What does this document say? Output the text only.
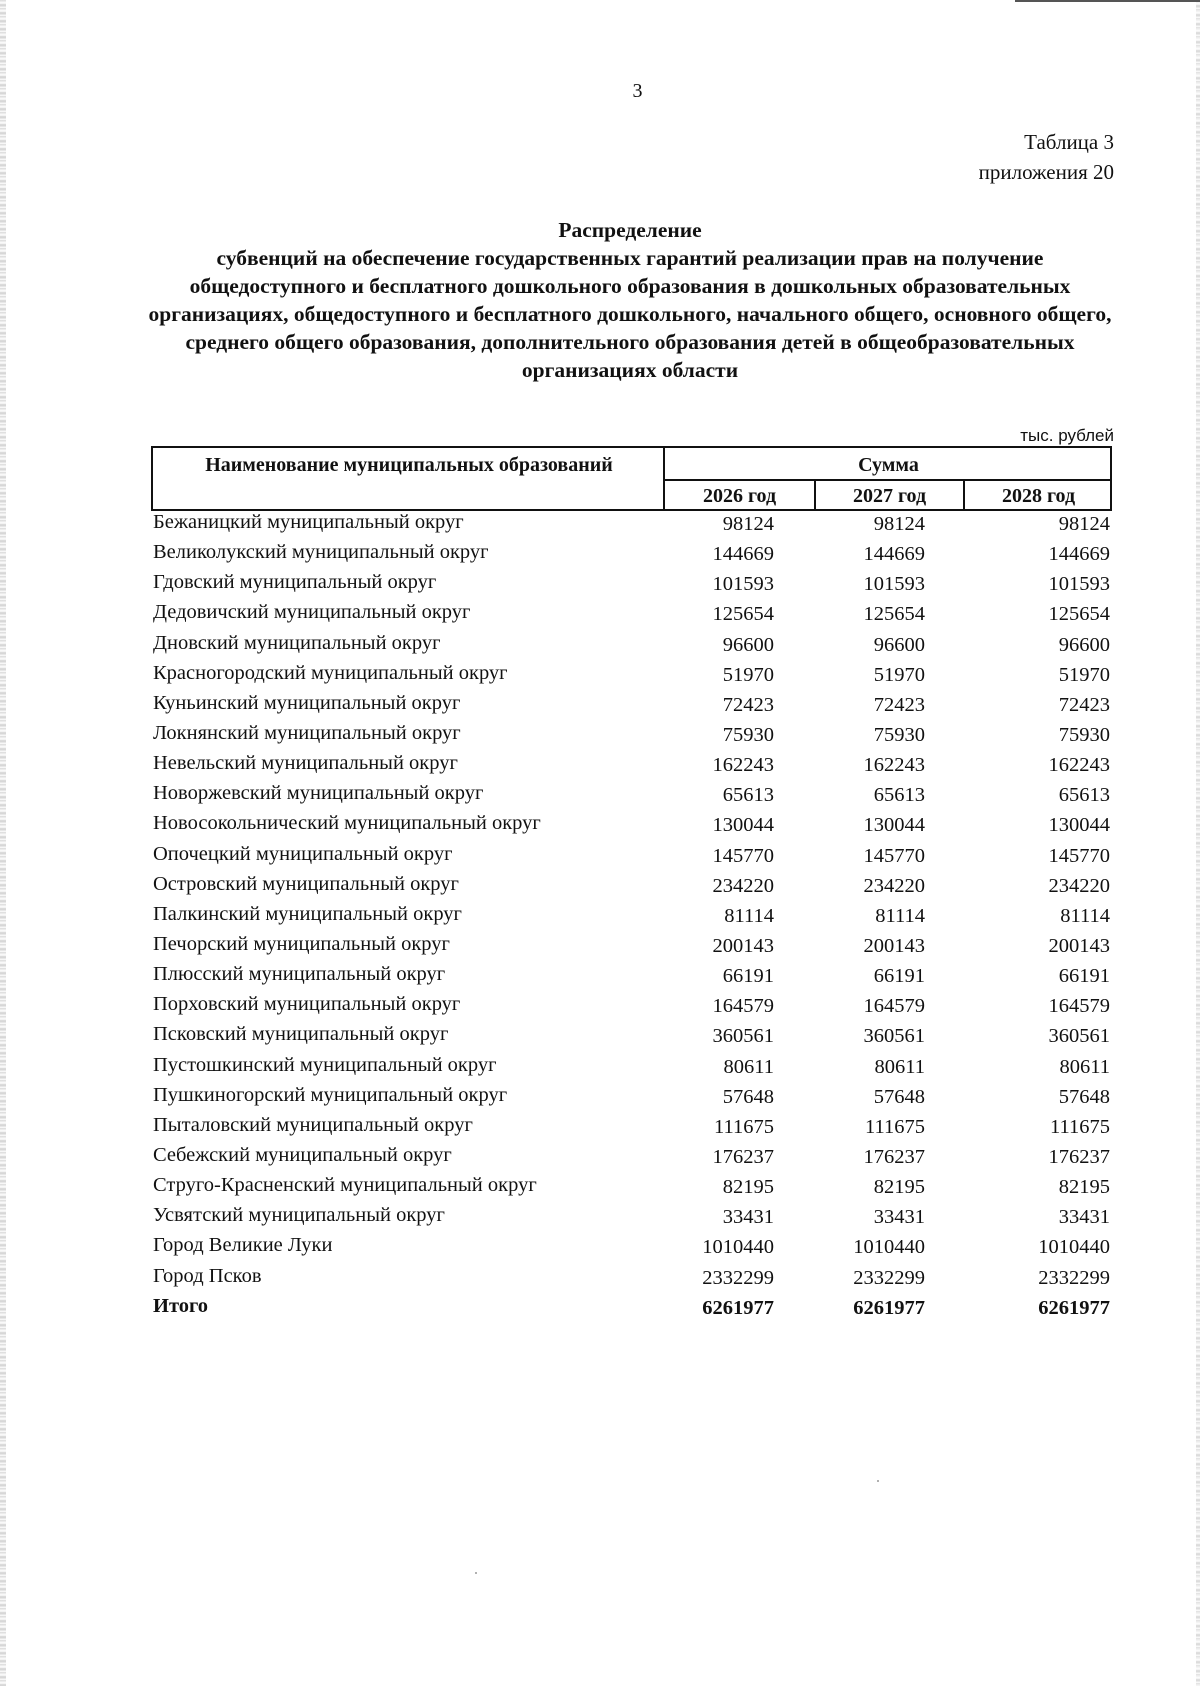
3
Таблица 3
приложения 20
Распределение
субвенций на обеспечение государственных гарантий реализации прав на получение общедоступного и бесплатного дошкольного образования в дошкольных образовательных организациях, общедоступного и бесплатного дошкольного, начального общего, основного общего, среднего общего образования, дополнительного образования детей в общеобразовательных организациях области
тыс. рублей
Наименование муниципальных образований	Сумма
2026 год	2027 год	2028 год
Бежаницкий муниципальный округ	98124	98124	98124
Великолукский муниципальный округ	144669	144669	144669
Гдовский муниципальный округ	101593	101593	101593
Дедовичский муниципальный округ	125654	125654	125654
Дновский муниципальный округ	96600	96600	96600
Красногородский муниципальный округ	51970	51970	51970
Куньинский муниципальный округ	72423	72423	72423
Локнянский муниципальный округ	75930	75930	75930
Невельский муниципальный округ	162243	162243	162243
Новоржевский муниципальный округ	65613	65613	65613
Новосокольнический муниципальный округ	130044	130044	130044
Опочецкий муниципальный округ	145770	145770	145770
Островский муниципальный округ	234220	234220	234220
Палкинский муниципальный округ	81114	81114	81114
Печорский муниципальный округ	200143	200143	200143
Плюсский муниципальный округ	66191	66191	66191
Порховский муниципальный округ	164579	164579	164579
Псковский муниципальный округ	360561	360561	360561
Пустошкинский муниципальный округ	80611	80611	80611
Пушкиногорский муниципальный округ	57648	57648	57648
Пыталовский муниципальный округ	111675	111675	111675
Себежский муниципальный округ	176237	176237	176237
Струго-Красненский муниципальный округ	82195	82195	82195
Усвятский муниципальный округ	33431	33431	33431
Город Великие Луки	1010440	1010440	1010440
Город Псков	2332299	2332299	2332299
Итого	6261977	6261977	6261977
